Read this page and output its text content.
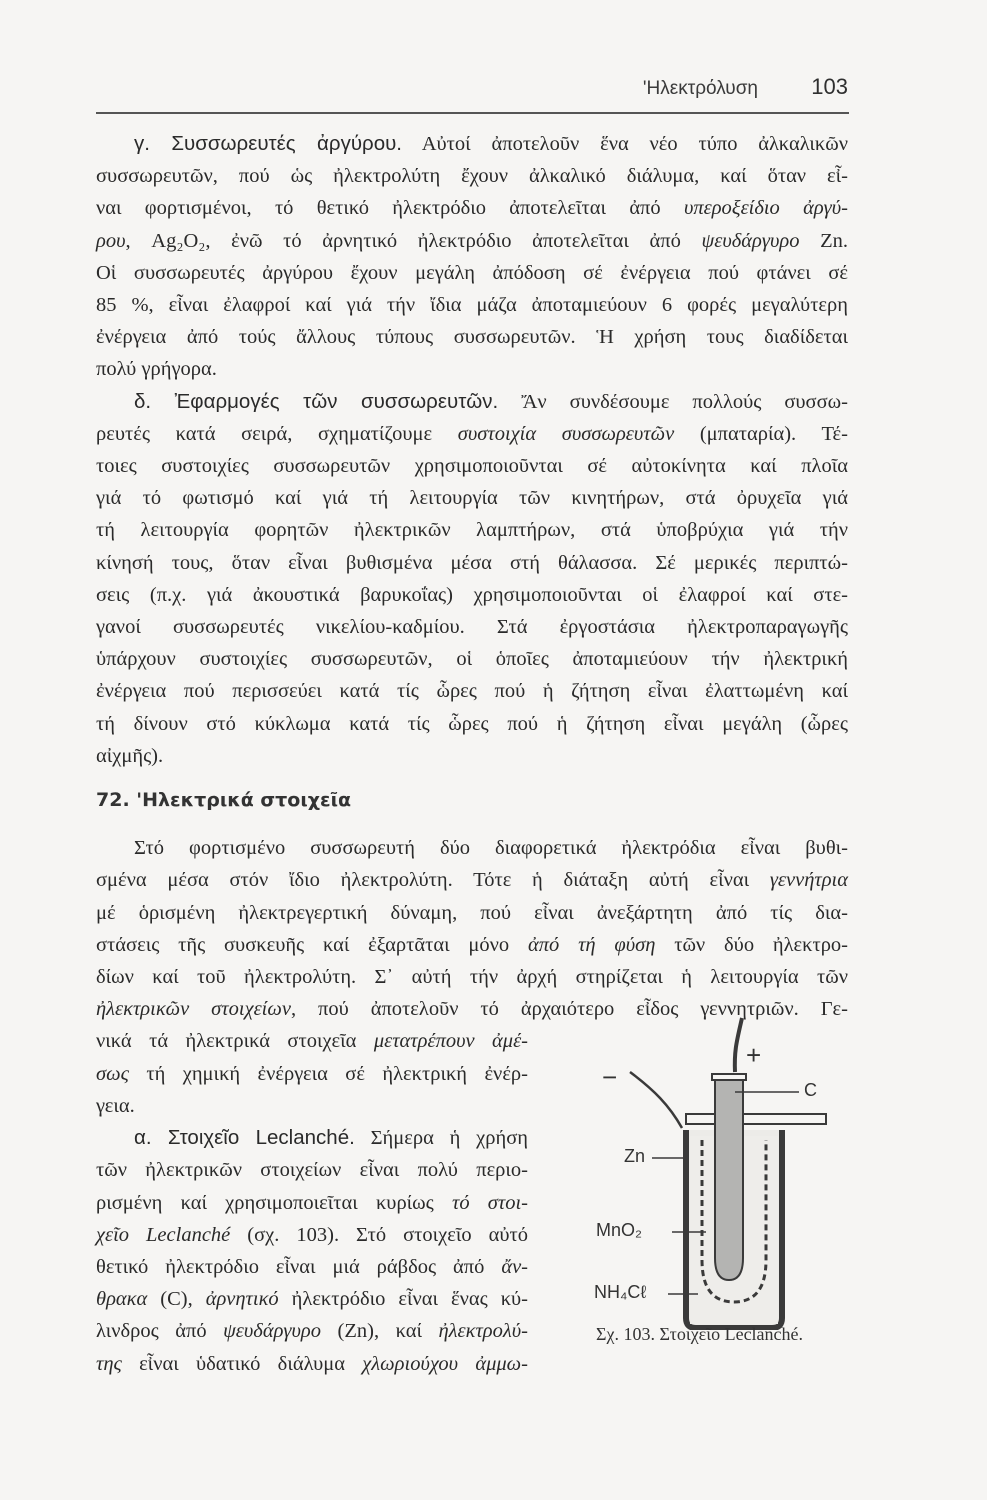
'Ηλεκτρόλυση 103
γ. Συσσωρευτές ἀργύρου. Αὐτοί ἀποτελοῦν ἕνα νέο τύπο ἀλκαλικῶν
συσσωρευτῶν, πού ὡς ἠλεκτρολύτη ἔχουν ἀλκαλικό διάλυμα, καί ὅταν εἶ-
ναι φορτισμένοι, τό θετικό ἠλεκτρόδιο ἀποτελεῖται ἀπό υπεροξείδιο ἀργύ-
ρου, Ag₂O₂, ἐνῶ τό ἀρνητικό ἠλεκτρόδιο ἀποτελεῖται ἀπό ψευδάργυρο Zn.
Οἱ συσσωρευτές ἀργύρου ἔχουν μεγάλη ἀπόδοση σέ ἐνέργεια πού φτάνει σέ
85 %, εἶναι ἐλαφροί καί γιά τήν ἴδια μάζα ἀποταμιεύουν 6 φορές μεγαλύτερη
ἐνέργεια ἀπό τούς ἄλλους τύπους συσσωρευτῶν. Ἡ χρήση τους διαδίδεται
πολύ γρήγορα.
δ. Ἐφαρμογές τῶν συσσωρευτῶν. Ἄν συνδέσουμε πολλούς συσσω-
ρευτές κατά σειρά, σχηματίζουμε συστοιχία συσσωρευτῶν (μπαταρία). Τέ-
τοιες συστοιχίες συσσωρευτῶν χρησιμοποιοῦνται σέ αὐτοκίνητα καί πλοῖα
γιά τό φωτισμό καί γιά τή λειτουργία τῶν κινητήρων, στά ὀρυχεῖα γιά
τή λειτουργία φορητῶν ἠλεκτρικῶν λαμπτήρων, στά ὑποβρύχια γιά τήν
κίνησή τους, ὅταν εἶναι βυθισμένα μέσα στή θάλασσα. Σέ μερικές περιπτώ-
σεις (π.χ. γιά ἀκουστικά βαρυκοΐας) χρησιμοποιοῦνται οἱ ἐλαφροί καί στε-
γανοί συσσωρευτές νικελίου-καδμίου. Στά ἐργοστάσια ἠλεκτροπαραγωγῆς
ὑπάρχουν συστοιχίες συσσωρευτῶν, οἱ ὁποῖες ἀποταμιεύουν τήν ἠλεκτρική
ἐνέργεια πού περισσεύει κατά τίς ὧρες πού ἡ ζήτηση εἶναι ἐλαττωμένη καί
τή δίνουν στό κύκλωμα κατά τίς ὧρες πού ἡ ζήτηση εἶναι μεγάλη (ὧρες
αἰχμῆς).
72. 'Ηλεκτρικά στοιχεῖα
Στό φορτισμένο συσσωρευτή δύο διαφορετικά ἠλεκτρόδια εἶναι βυθι-
σμένα μέσα στόν ἴδιο ἠλεκτρολύτη. Τότε ἡ διάταξη αὐτή εἶναι γεννήτρια
μέ ὁρισμένη ἠλεκτρεγερτική δύναμη, πού εἶναι ἀνεξάρτητη ἀπό τίς δια-
στάσεις τῆς συσκευῆς καί ἐξαρτᾶται μόνο ἀπό τή φύση τῶν δύο ἠλεκτρο-
δίων καί τοῦ ἠλεκτρολύτη. Σ᾽ αὐτή τήν ἀρχή στηρίζεται ἡ λειτουργία τῶν
ἠλεκτρικῶν στοιχείων, πού ἀποτελοῦν τό ἀρχαιότερο εἶδος γεννητριῶν. Γε-
νικά τά ἠλεκτρικά στοιχεῖα μετατρέπουν ἀμέ-
σως τή χημική ἐνέργεια σέ ἠλεκτρική ἐνέρ-
γεια.
α. Στοιχεῖο Leclanché. Σήμερα ἡ χρήση
τῶν ἠλεκτρικῶν στοιχείων εἶναι πολύ περιο-
ρισμένη καί χρησιμοποιεῖται κυρίως τό στοι-
χεῖο Leclanché (σχ. 103). Στό στοιχεῖο αὐτό
θετικό ἠλεκτρόδιο εἶναι μιά ράβδος ἀπό ἄν-
θρακα (C), ἀρνητικό ἠλεκτρόδιο εἶναι ἕνας κύ-
λινδρος ἀπό ψευδάργυρο (Zn), καί ἠλεκτρολύ-
της εἶναι ὑδατικό διάλυμα χλωριούχου ἀμμω-
+
−	C
Zn
MnO₂
NH₄Cℓ
Σχ. 103. Στοιχεῖο Leclanché.
